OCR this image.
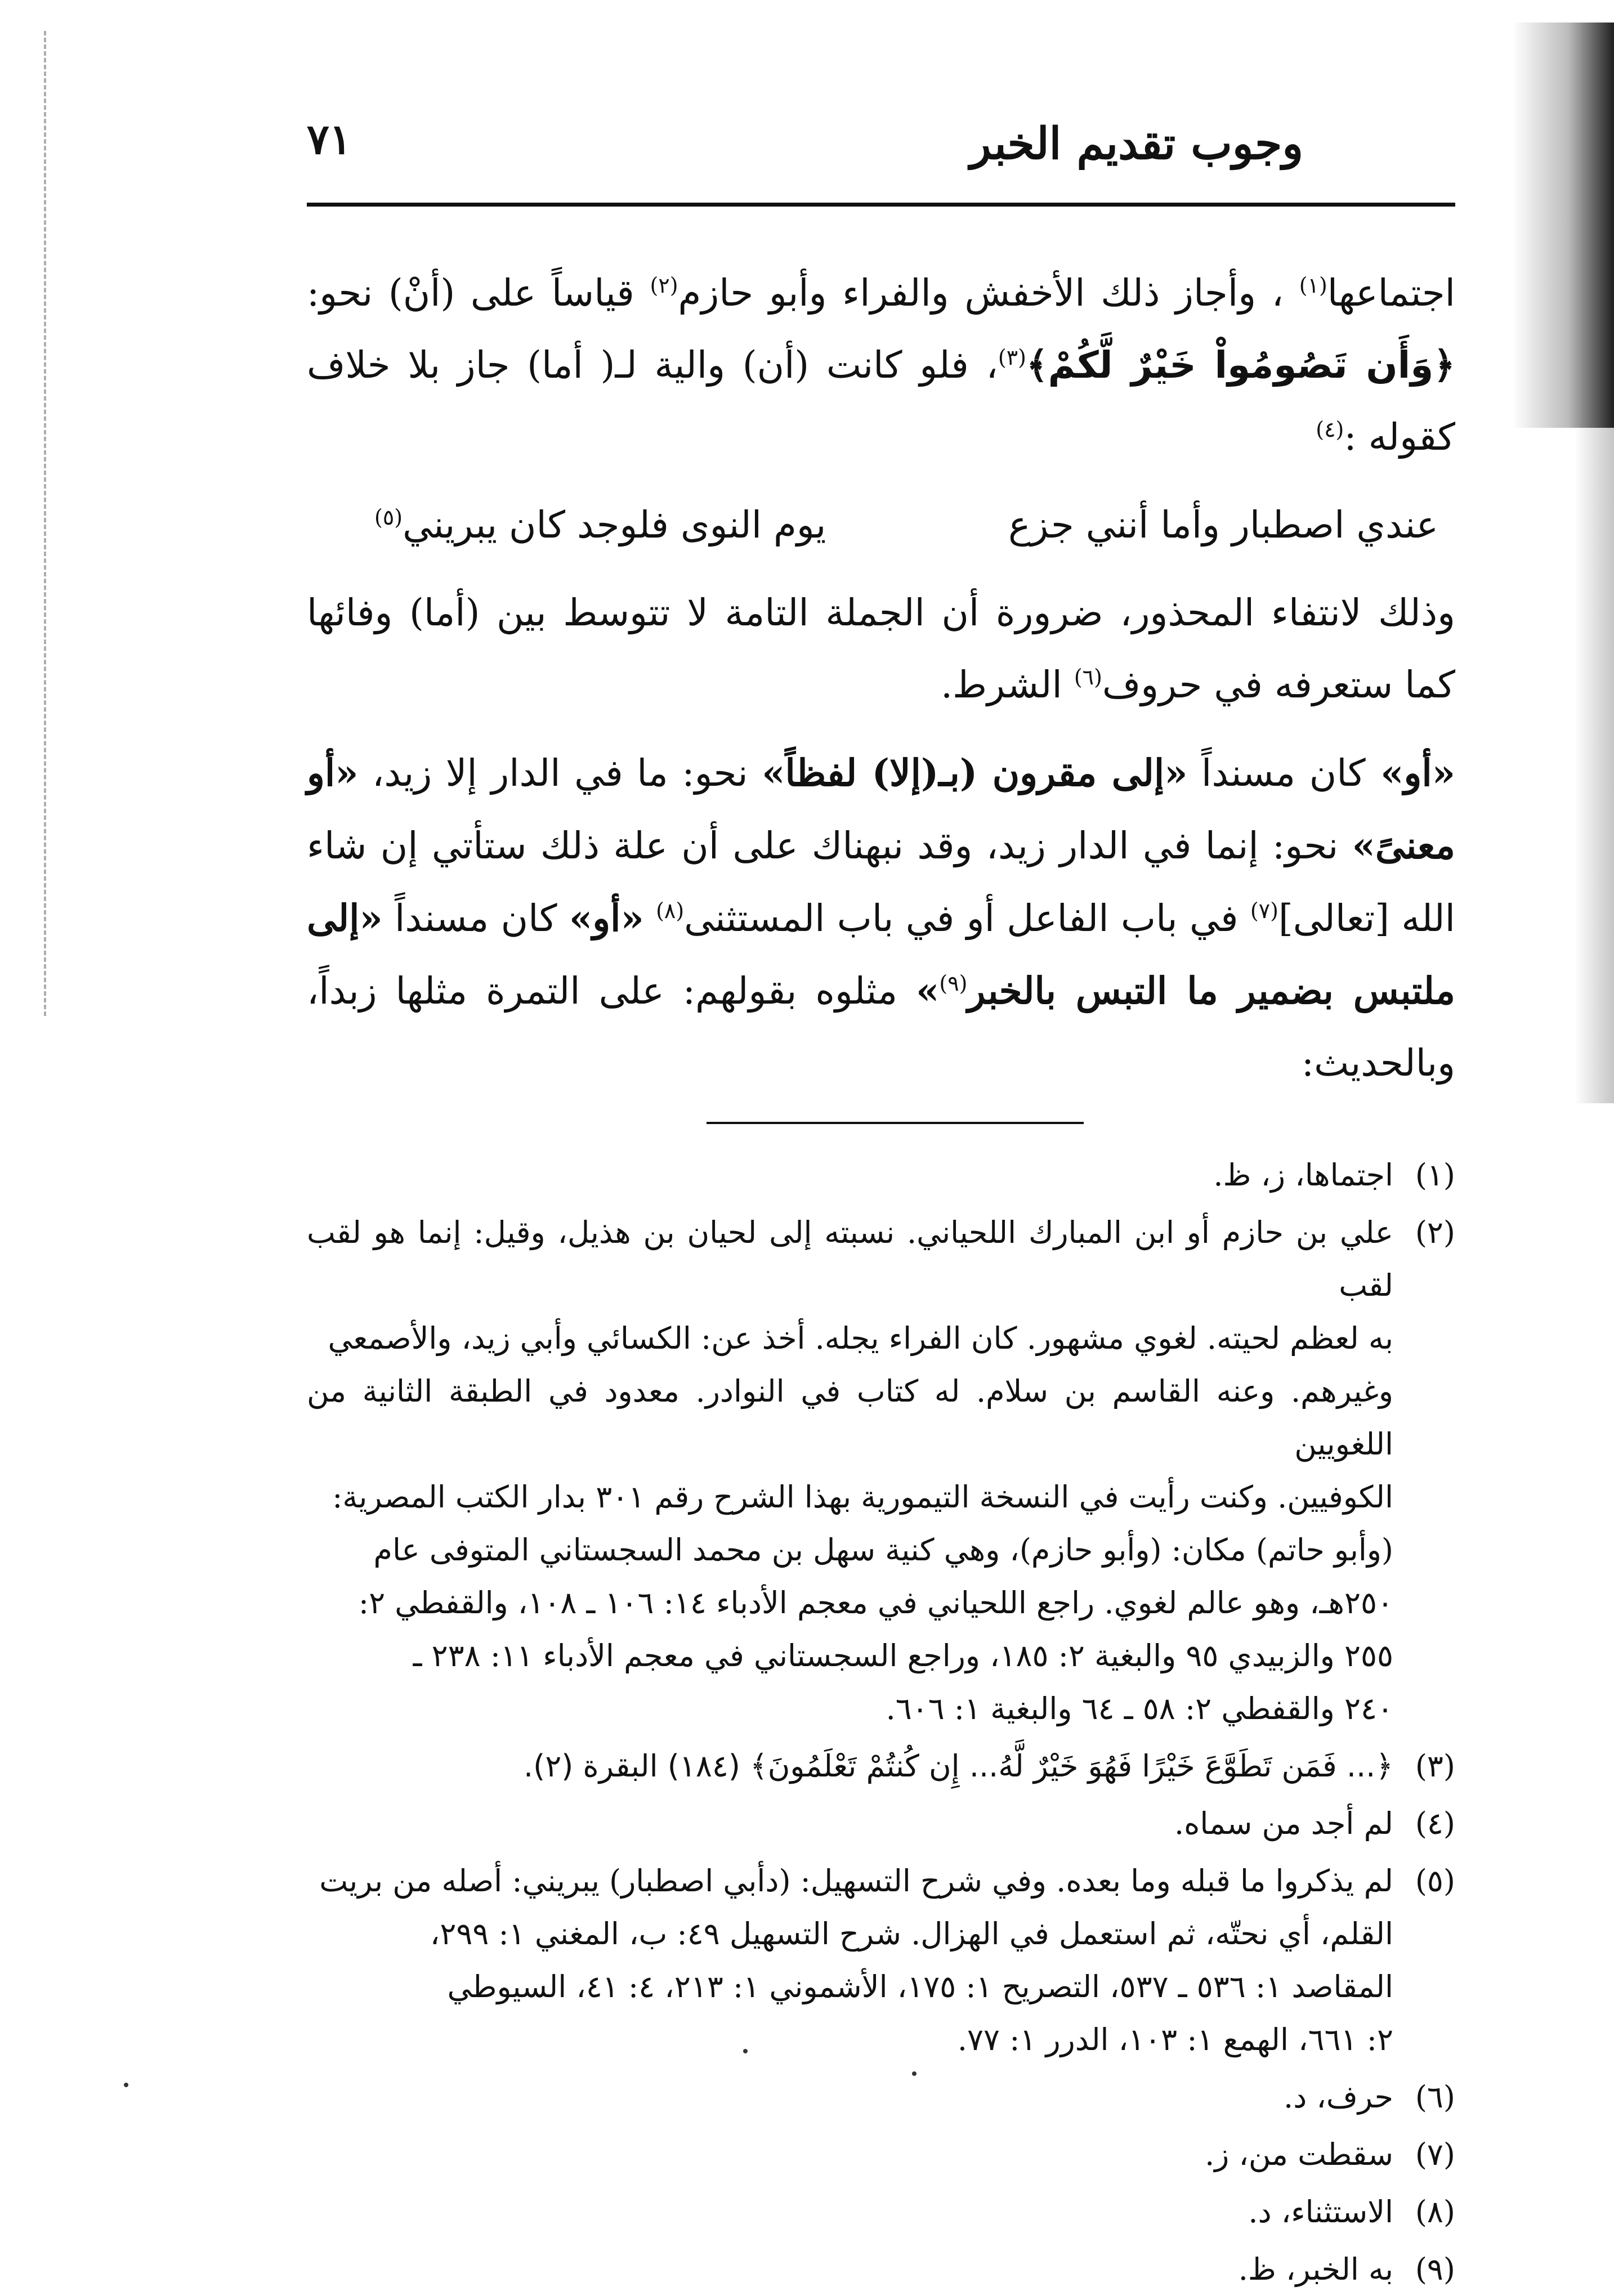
وجوب تقديم الخبر
٧١

اجتماعها$^{(١)}$ ، وأجاز ذلك الأخفش والفراء وأبو حازم$^{(٢)}$ قياساً على (أنْ) نحو: ﴿وَأَن تَصُومُواْ خَيْرٌ لَّكُمْ﴾$^{(٣)}$، فلو كانت (أن) والية لـ( أما) جاز بلا خلاف كقوله :$^{(٤)}$

عندي اصطبار وأما أنني جزع
يوم النوى فلوجد كان يبريني$^{(٥)}$

وذلك لانتفاء المحذور، ضرورة أن الجملة التامة لا تتوسط بين (أما) وفائها كما ستعرفه في حروف$^{(٦)}$ الشرط.

«أو» كان مسنداً «إلى مقرون (بـ(إلا) لفظاً» نحو: ما في الدار إلا زيد، «أو معنىً» نحو: إنما في الدار زيد، وقد نبهناك على أن علة ذلك ستأتي إن شاء الله [تعالى]$^{(٧)}$ في باب الفاعل أو في باب المستثنى$^{(٨)}$ «أو» كان مسنداً «إلى ملتبس بضمير ما التبس بالخبر$^{(٩)}$» مثلوه بقولهم: على التمرة مثلها زبداً، وبالحديث:

(١)
اجتماها، ز، ظ.
(٢)
علي بن حازم أو ابن المبارك اللحياني. نسبته إلى لحيان بن هذيل، وقيل: إنما هو لقب لقب
به لعظم لحيته. لغوي مشهور. كان الفراء يجله. أخذ عن: الكسائي وأبي زيد، والأصمعي
وغيرهم. وعنه القاسم بن سلام. له كتاب في النوادر. معدود في الطبقة الثانية من اللغويين
الكوفيين. وكنت رأيت في النسخة التيمورية بهذا الشرح رقم ٣٠١ بدار الكتب المصرية:
(وأبو حاتم) مكان: (وأبو حازم)، وهي كنية سهل بن محمد السجستاني المتوفى عام
٢٥٠هـ، وهو عالم لغوي. راجع اللحياني في معجم الأدباء ١٤: ١٠٦ ـ ١٠٨، والقفطي ٢:
٢٥٥ والزبيدي ٩٥ والبغية ٢: ١٨٥، وراجع السجستاني في معجم الأدباء ١١: ٢٣٨ ـ
٢٤٠ والقفطي ٢: ٥٨ ـ ٦٤ والبغية ١: ٦٠٦.
(٣)
﴿... فَمَن تَطَوَّعَ خَيْرًا فَهُوَ خَيْرٌ لَّهُ... إِن كُنتُمْ تَعْلَمُونَ﴾ (١٨٤) البقرة (٢).
(٤)
لم أجد من سماه.
(٥)
لم يذكروا ما قبله وما بعده. وفي شرح التسهيل: (دأبي اصطبار) يبريني: أصله من بريت
القلم، أي نحتّه، ثم استعمل في الهزال. شرح التسهيل ٤٩: ب، المغني ١: ٢٩٩،
المقاصد ١: ٥٣٦ ـ ٥٣٧، التصريح ١: ١٧٥، الأشموني ١: ٢١٣، ٤: ٤١، السيوطي
٢: ٦٦١، الهمع ١: ١٠٣، الدرر ١: ٧٧.
(٦)
حرف، د.
(٧)
سقطت من، ز.
(٨)
الاستثناء، د.
(٩)
به الخبر، ظ.
